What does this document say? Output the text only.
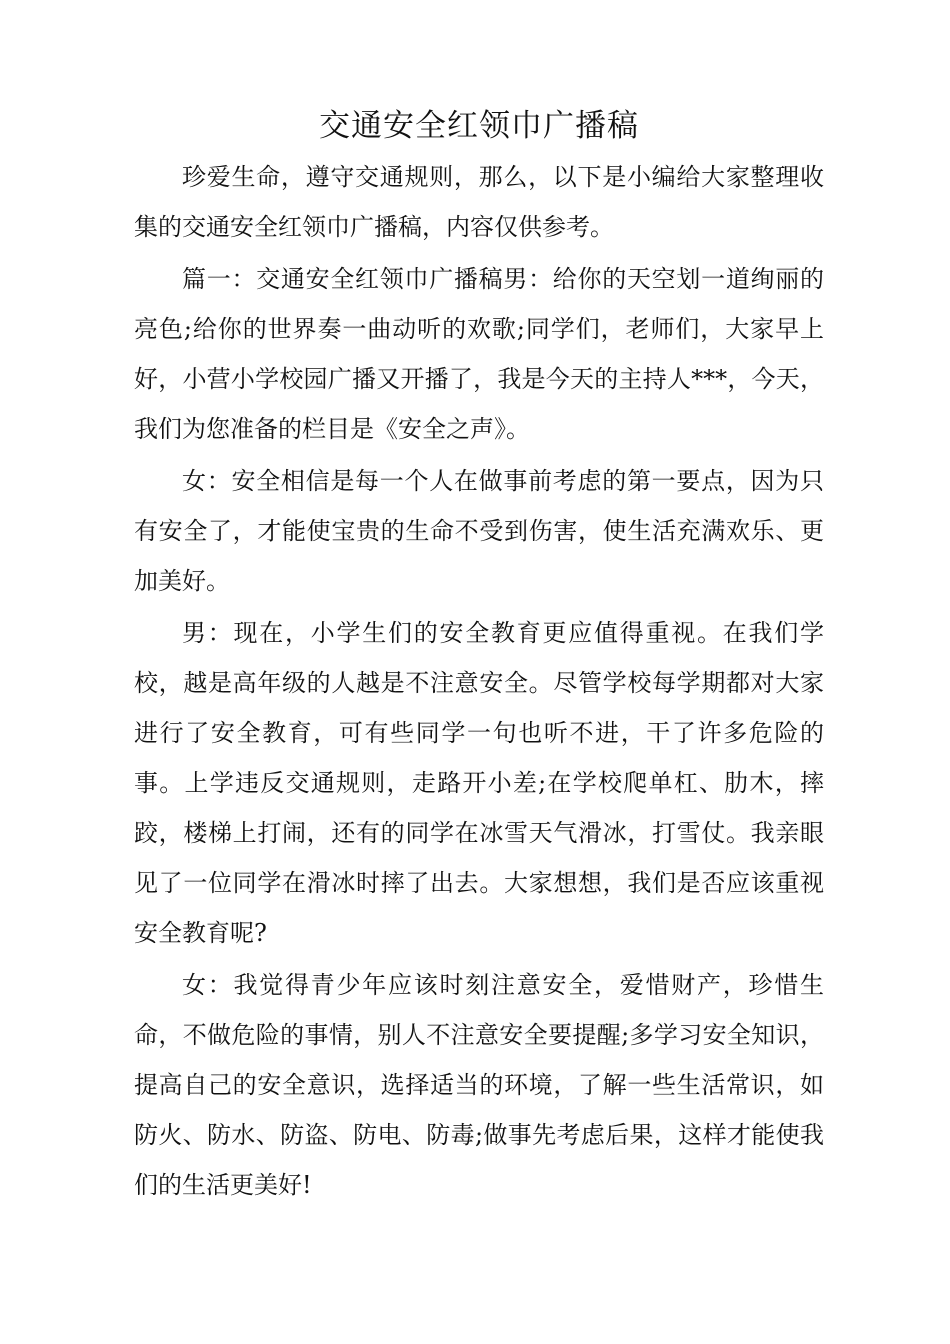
交通安全红领巾广播稿

珍爱生命，遵守交通规则，那么，以下是小编给大家整理收集的交通安全红领巾广播稿，内容仅供参考。

篇一：交通安全红领巾广播稿男：给你的天空划一道绚丽的亮色;给你的世界奏一曲动听的欢歌;同学们，老师们，大家早上好，小营小学校园广播又开播了，我是今天的主持人***，今天，我们为您准备的栏目是《安全之声》。

女：安全相信是每一个人在做事前考虑的第一要点，因为只有安全了，才能使宝贵的生命不受到伤害，使生活充满欢乐、更加美好。

男：现在，小学生们的安全教育更应值得重视。在我们学校，越是高年级的人越是不注意安全。尽管学校每学期都对大家进行了安全教育，可有些同学一句也听不进，干了许多危险的事。上学违反交通规则，走路开小差;在学校爬单杠、肋木，摔跤，楼梯上打闹，还有的同学在冰雪天气滑冰，打雪仗。我亲眼见了一位同学在滑冰时摔了出去。大家想想，我们是否应该重视安全教育呢?

女：我觉得青少年应该时刻注意安全，爱惜财产，珍惜生命，不做危险的事情，别人不注意安全要提醒;多学习安全知识，提高自己的安全意识，选择适当的环境，了解一些生活常识，如防火、防水、防盗、防电、防毒;做事先考虑后果，这样才能使我们的生活更美好!
